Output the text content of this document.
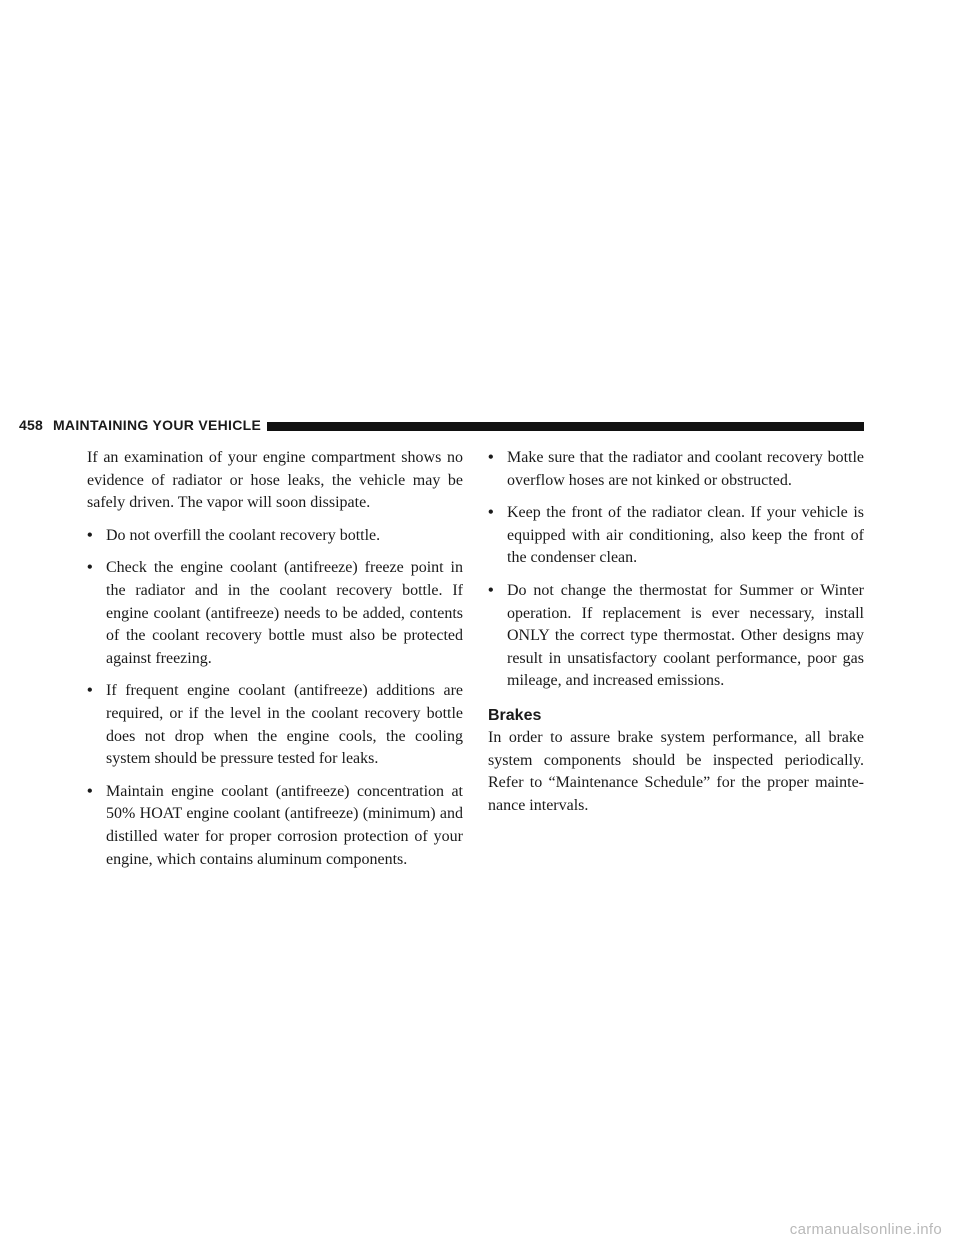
458 MAINTAINING YOUR VEHICLE

If an examination of your engine compartment shows no evidence of radiator or hose leaks, the vehicle may be safely driven. The vapor will soon dissipate.

• Do not overfill the coolant recovery bottle.
• Check the engine coolant (antifreeze) freeze point in the radiator and in the coolant recovery bottle. If engine coolant (antifreeze) needs to be added, contents of the coolant recovery bottle must also be protected against freezing.
• If frequent engine coolant (antifreeze) additions are required, or if the level in the coolant recovery bottle does not drop when the engine cools, the cooling system should be pressure tested for leaks.
• Maintain engine coolant (antifreeze) concentration at 50% HOAT engine coolant (antifreeze) (minimum) and distilled water for proper corrosion protection of your engine, which contains aluminum components.
• Make sure that the radiator and coolant recovery bottle overflow hoses are not kinked or obstructed.
• Keep the front of the radiator clean. If your vehicle is equipped with air conditioning, also keep the front of the condenser clean.
• Do not change the thermostat for Summer or Winter operation. If replacement is ever necessary, install ONLY the correct type thermostat. Other designs may result in unsatisfactory coolant performance, poor gas mileage, and increased emissions.
Brakes

In order to assure brake system performance, all brake system components should be inspected periodically. Refer to “Maintenance Schedule” for the proper mainte- nance intervals.

carmanualsonline.info
